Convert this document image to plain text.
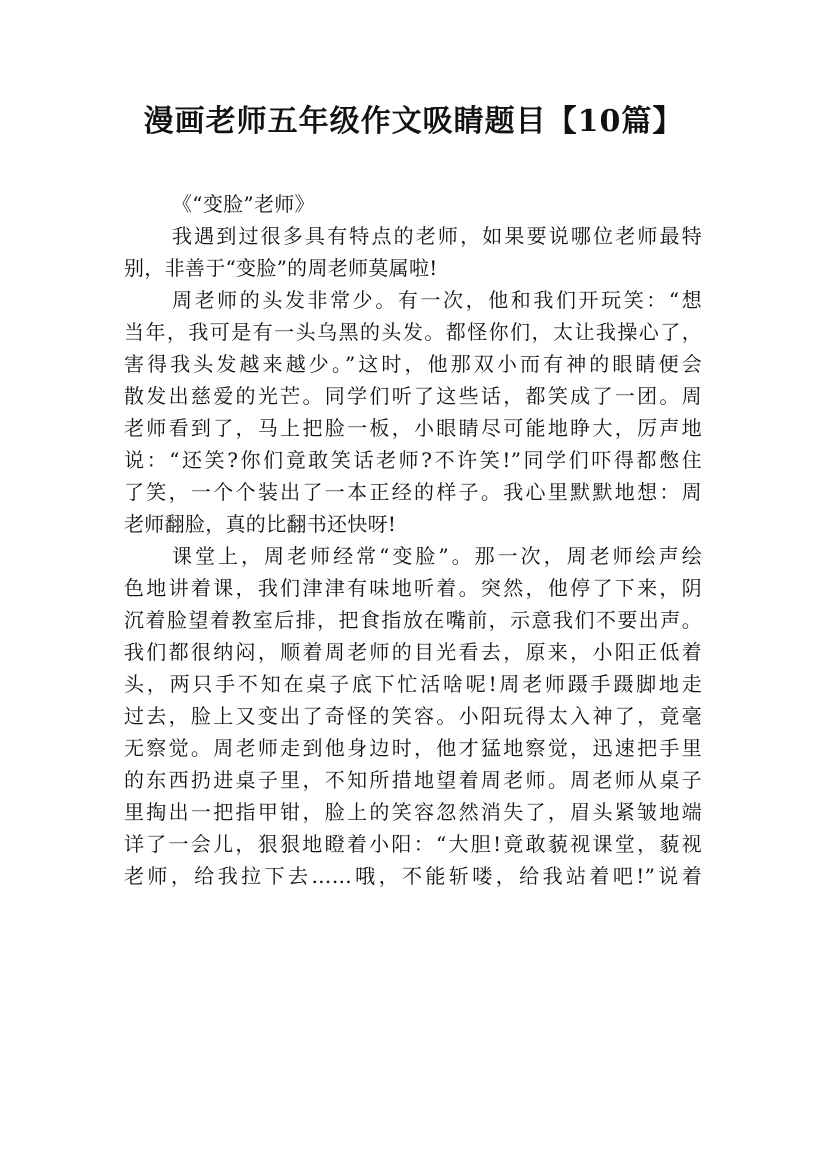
漫画老师五年级作文吸睛题目【10篇】
《“变脸”老师》
我遇到过很多具有特点的老师，如果要说哪位老师最特
别，非善于“变脸”的周老师莫属啦!
周老师的头发非常少。有一次，他和我们开玩笑：“想
当年，我可是有一头乌黑的头发。都怪你们，太让我操心了，
害得我头发越来越少。”这时，他那双小而有神的眼睛便会
散发出慈爱的光芒。同学们听了这些话，都笑成了一团。周
老师看到了，马上把脸一板，小眼睛尽可能地睁大，厉声地
说：“还笑?你们竟敢笑话老师?不许笑!”同学们吓得都憋住
了笑，一个个装出了一本正经的样子。我心里默默地想：周
老师翻脸，真的比翻书还快呀!
课堂上，周老师经常“变脸”。那一次，周老师绘声绘
色地讲着课，我们津津有味地听着。突然，他停了下来，阴
沉着脸望着教室后排，把食指放在嘴前，示意我们不要出声。
我们都很纳闷，顺着周老师的目光看去，原来，小阳正低着
头，两只手不知在桌子底下忙活啥呢!周老师蹑手蹑脚地走
过去，脸上又变出了奇怪的笑容。小阳玩得太入神了，竟毫
无察觉。周老师走到他身边时，他才猛地察觉，迅速把手里
的东西扔进桌子里，不知所措地望着周老师。周老师从桌子
里掏出一把指甲钳，脸上的笑容忽然消失了，眉头紧皱地端
详了一会儿，狠狠地瞪着小阳：“大胆!竟敢藐视课堂，藐视
老师，给我拉下去……哦，不能斩喽，给我站着吧!”说着
